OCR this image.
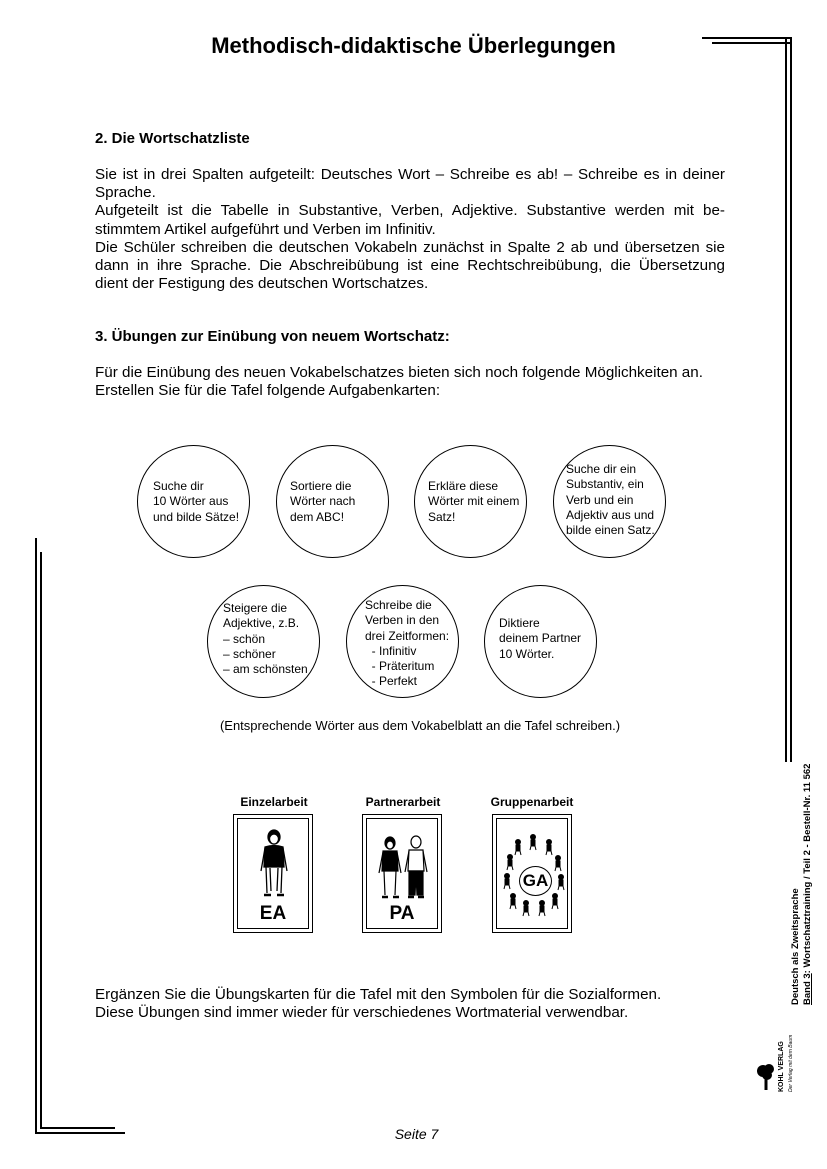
Methodisch-didaktische Überlegungen
2. Die Wortschatzliste
Sie ist in drei Spalten aufgeteilt: Deutsches Wort – Schreibe es ab! – Schreibe es in deiner
Sprache.
Aufgeteilt ist die Tabelle in Substantive, Verben, Adjektive. Substantive werden mit be-
stimmtem Artikel aufgeführt und Verben im Infinitiv.
Die Schüler schreiben die deutschen Vokabeln zunächst in Spalte 2 ab und übersetzen sie
dann in ihre Sprache. Die Abschreibübung ist eine Rechtschreibübung, die Übersetzung
dient der Festigung des deutschen Wortschatzes.
3. Übungen zur Einübung von neuem Wortschatz:
Für die Einübung des neuen Vokabelschatzes bieten sich noch folgende Möglichkeiten an.
Erstellen Sie für die Tafel folgende Aufgabenkarten:
Suche dir
10 Wörter aus
und bilde Sätze!
Sortiere die
Wörter nach
dem ABC!
Erkläre diese
Wörter mit einem
Satz!
Suche dir ein
Substantiv, ein
Verb und ein
Adjektiv aus und
bilde einen Satz.
Steigere die
Adjektive, z.B.
– schön
– schöner
– am schönsten
Schreibe die
Verben in den
drei Zeitformen:
- Infinitiv
- Präteritum
- Perfekt
Diktiere
deinem Partner
10 Wörter.
(Entsprechende Wörter aus dem Vokabelblatt an die Tafel schreiben.)
Einzelarbeit	Partnerarbeit	Gruppenarbeit
EA	PA
GA
Ergänzen Sie die Übungskarten für die Tafel mit den Symbolen für die Sozialformen.
Diese Übungen sind immer wieder für verschiedenes Wortmaterial verwendbar.
Deutsch als Zweitsprache Band 3: Wortschatztraining / Teil 2 - Bestell-Nr. 11 562
KOHL VERLAG Der Verlag mit dem Baum
Seite 7
